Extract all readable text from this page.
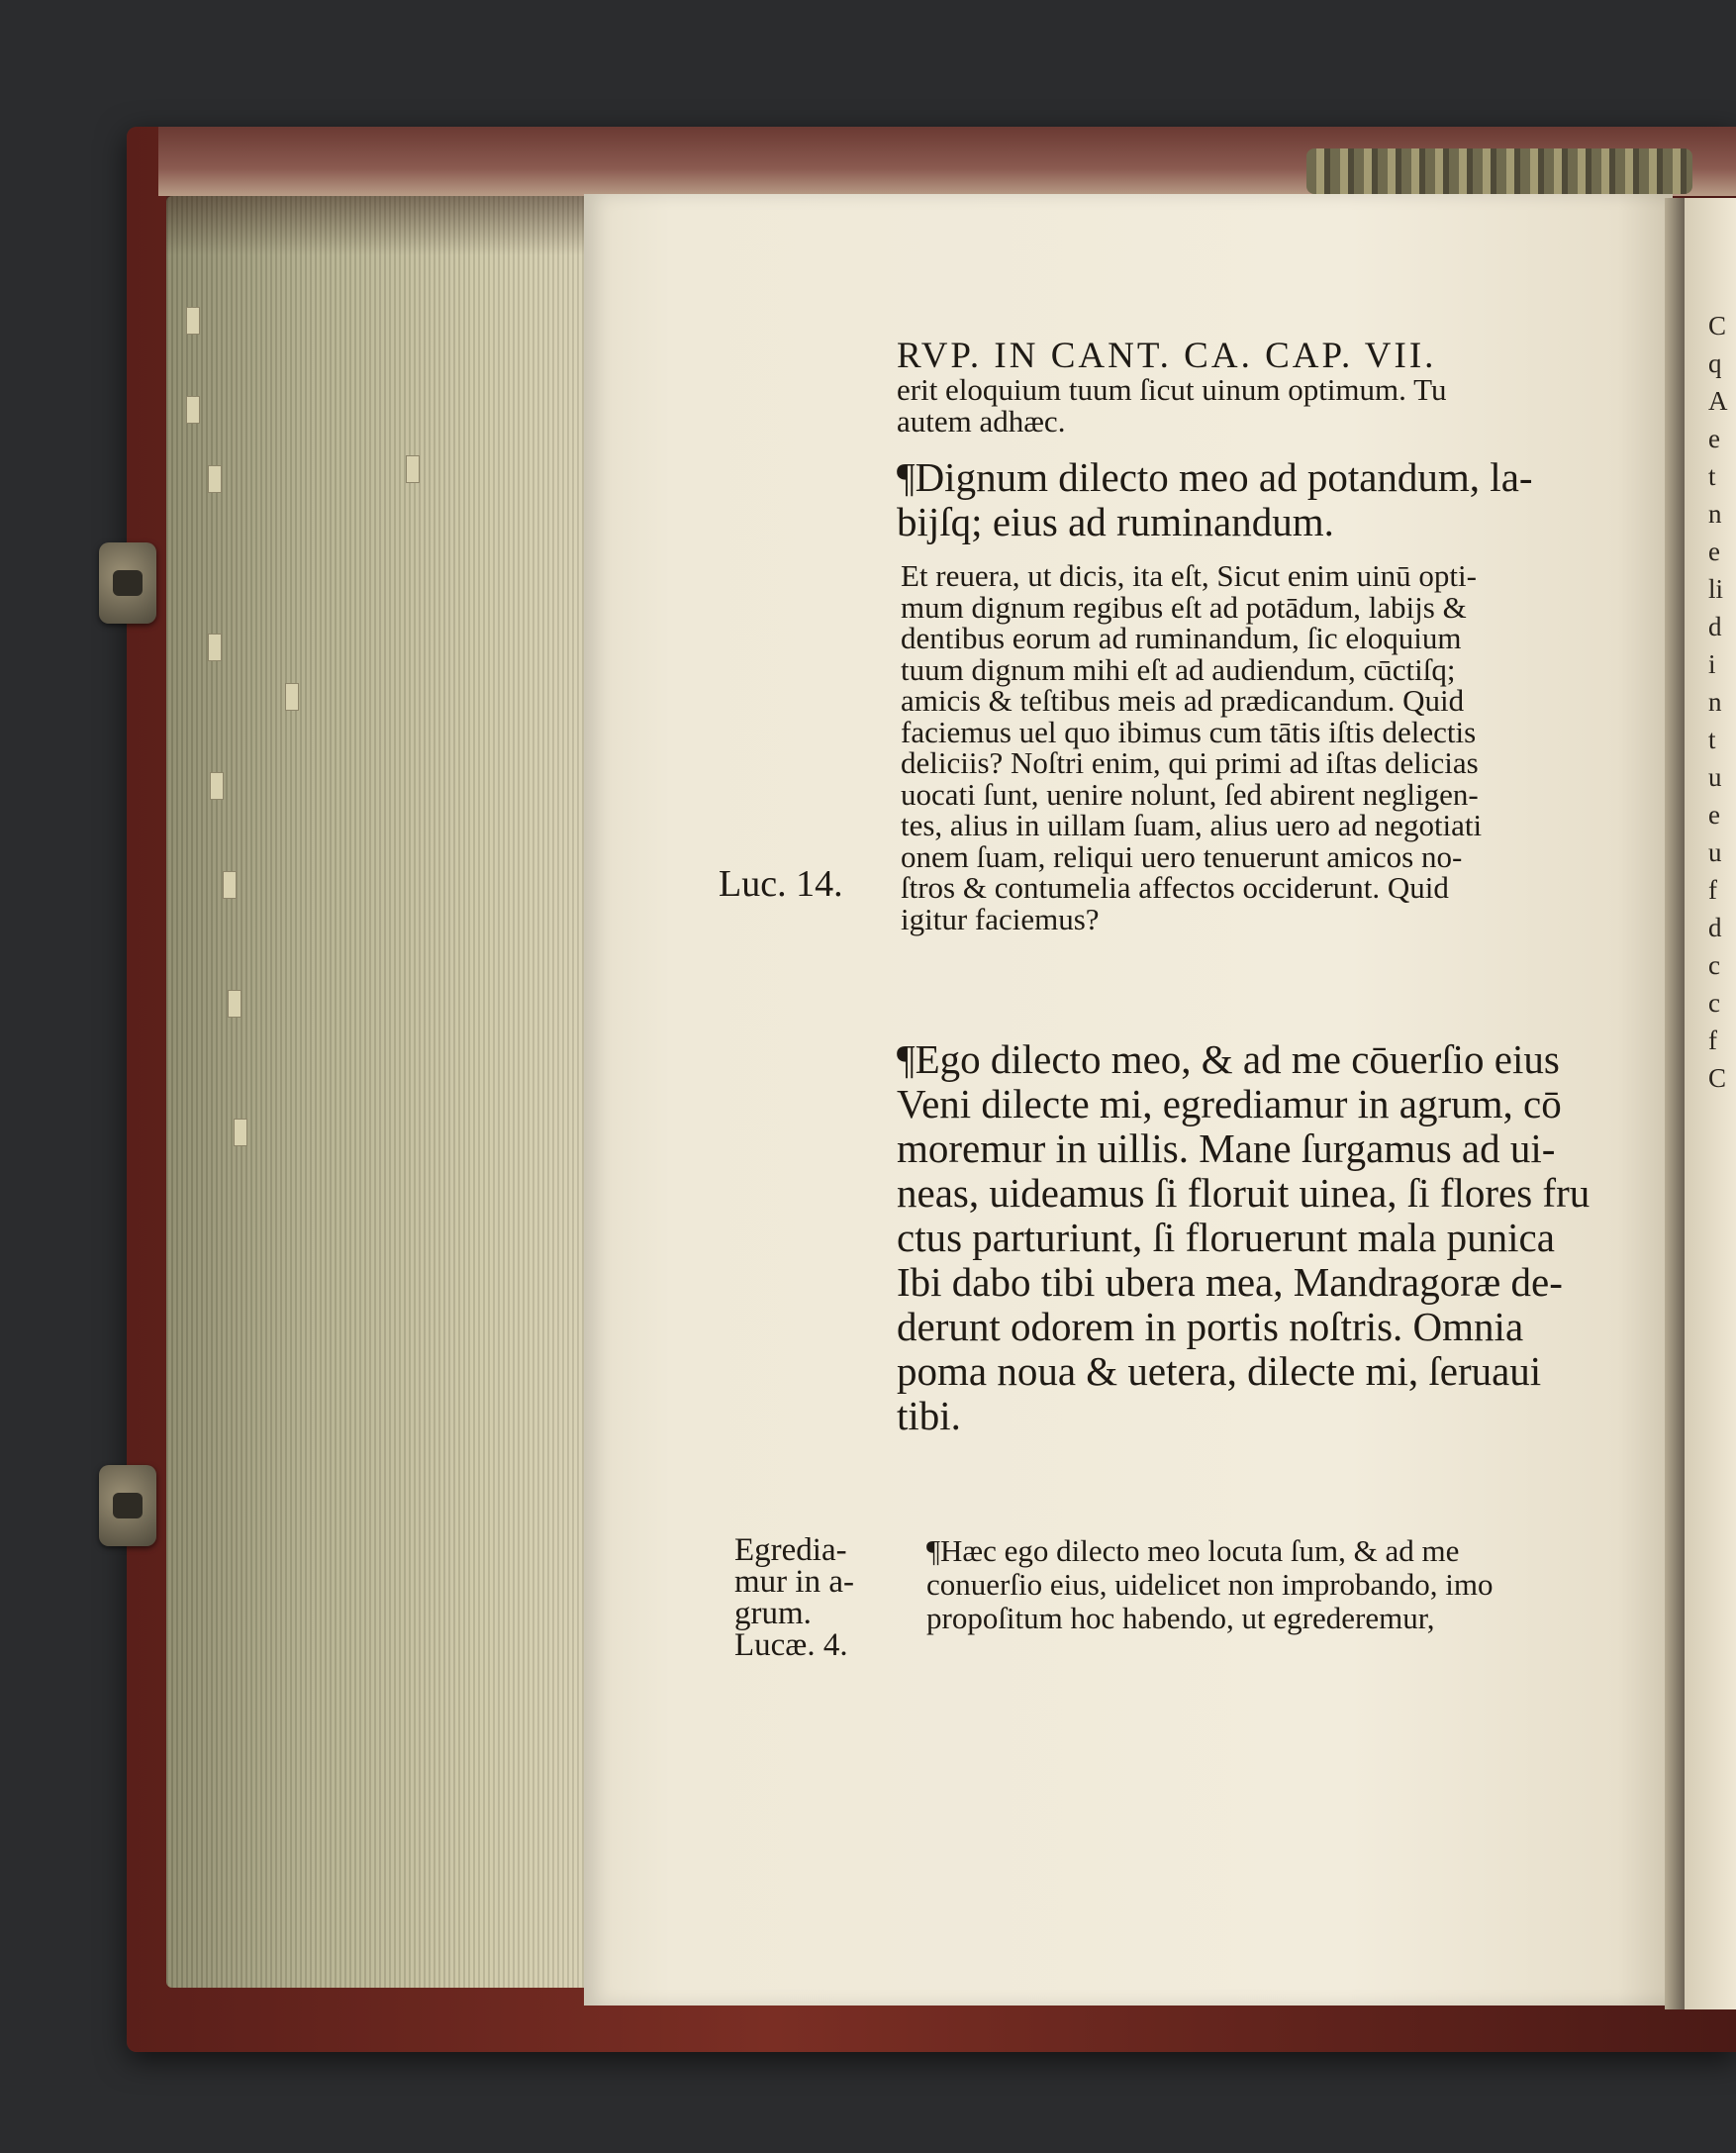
C
q
A
e
t
n
e
li
d
i
n
t
u
e
u
f
d
c
c
f
C
RVP. IN CANT. CA. CAP. VII.
erit eloquium tuum ſicut uinum optimum. Tu
autem adhæc.
¶Dignum dilecto meo ad potandum, la-
bijſq; eius ad ruminandum.
Et reuera, ut dicis, ita eſt, Sicut enim uinū opti-
mum dignum regibus eſt ad potādum, labijs &
dentibus eorum ad ruminandum, ſic eloquium
tuum dignum mihi eſt ad audiendum, cūctiſq;
amicis & teſtibus meis ad prædicandum. Quid
faciemus uel quo ibimus cum tātis iſtis delectis
deliciis? Noſtri enim, qui primi ad iſtas delicias
uocati ſunt, uenire nolunt, ſed abirent negligen-
tes, alius in uillam ſuam, alius uero ad negotiati
onem ſuam, reliqui uero tenuerunt amicos no-
ſtros & contumelia affectos occiderunt. Quid
igitur faciemus?
¶Ego dilecto meo, & ad me cōuerſio eius
Veni dilecte mi, egrediamur in agrum, cō
moremur in uillis. Mane ſurgamus ad ui-
neas, uideamus ſi floruit uinea, ſi flores fru
ctus parturiunt, ſi floruerunt mala punica
Ibi dabo tibi ubera mea, Mandragoræ de-
derunt odorem in portis noſtris. Omnia
poma noua & uetera, dilecte mi, ſeruaui
tibi.
¶Hæc ego dilecto meo locuta ſum, & ad me
conuerſio eius, uidelicet non improbando, imo
propoſitum hoc habendo, ut egrederemur,
Luc. 14.
Egredia-
mur in a-
grum.
Lucæ. 4.
